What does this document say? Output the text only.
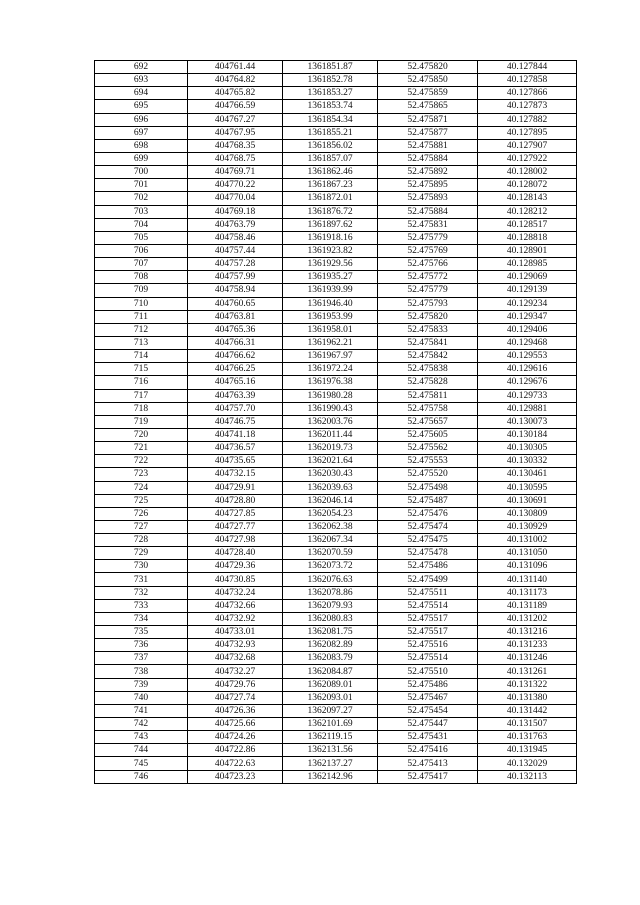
692	404761.44	1361851.87	52.475820	40.127844
693	404764.82	1361852.78	52.475850	40.127858
694	404765.82	1361853.27	52.475859	40.127866
695	404766.59	1361853.74	52.475865	40.127873
696	404767.27	1361854.34	52.475871	40.127882
697	404767.95	1361855.21	52.475877	40.127895
698	404768.35	1361856.02	52.475881	40.127907
699	404768.75	1361857.07	52.475884	40.127922
700	404769.71	1361862.46	52.475892	40.128002
701	404770.22	1361867.23	52.475895	40.128072
702	404770.04	1361872.01	52.475893	40.128143
703	404769.18	1361876.72	52.475884	40.128212
704	404763.79	1361897.62	52.475831	40.128517
705	404758.46	1361918.16	52.475779	40.128818
706	404757.44	1361923.82	52.475769	40.128901
707	404757.28	1361929.56	52.475766	40.128985
708	404757.99	1361935.27	52.475772	40.129069
709	404758.94	1361939.99	52.475779	40.129139
710	404760.65	1361946.40	52.475793	40.129234
711	404763.81	1361953.99	52.475820	40.129347
712	404765.36	1361958.01	52.475833	40.129406
713	404766.31	1361962.21	52.475841	40.129468
714	404766.62	1361967.97	52.475842	40.129553
715	404766.25	1361972.24	52.475838	40.129616
716	404765.16	1361976.38	52.475828	40.129676
717	404763.39	1361980.28	52.475811	40.129733
718	404757.70	1361990.43	52.475758	40.129881
719	404746.75	1362003.76	52.475657	40.130073
720	404741.18	1362011.44	52.475605	40.130184
721	404736.57	1362019.73	52.475562	40.130305
722	404735.65	1362021.64	52.475553	40.130332
723	404732.15	1362030.43	52.475520	40.130461
724	404729.91	1362039.63	52.475498	40.130595
725	404728.80	1362046.14	52.475487	40.130691
726	404727.85	1362054.23	52.475476	40.130809
727	404727.77	1362062.38	52.475474	40.130929
728	404727.98	1362067.34	52.475475	40.131002
729	404728.40	1362070.59	52.475478	40.131050
730	404729.36	1362073.72	52.475486	40.131096
731	404730.85	1362076.63	52.475499	40.131140
732	404732.24	1362078.86	52.475511	40.131173
733	404732.66	1362079.93	52.475514	40.131189
734	404732.92	1362080.83	52.475517	40.131202
735	404733.01	1362081.75	52.475517	40.131216
736	404732.93	1362082.89	52.475516	40.131233
737	404732.68	1362083.79	52.475514	40.131246
738	404732.27	1362084.87	52.475510	40.131261
739	404729.76	1362089.01	52.475486	40.131322
740	404727.74	1362093.01	52.475467	40.131380
741	404726.36	1362097.27	52.475454	40.131442
742	404725.66	1362101.69	52.475447	40.131507
743	404724.26	1362119.15	52.475431	40.131763
744	404722.86	1362131.56	52.475416	40.131945
745	404722.63	1362137.27	52.475413	40.132029
746	404723.23	1362142.96	52.475417	40.132113
